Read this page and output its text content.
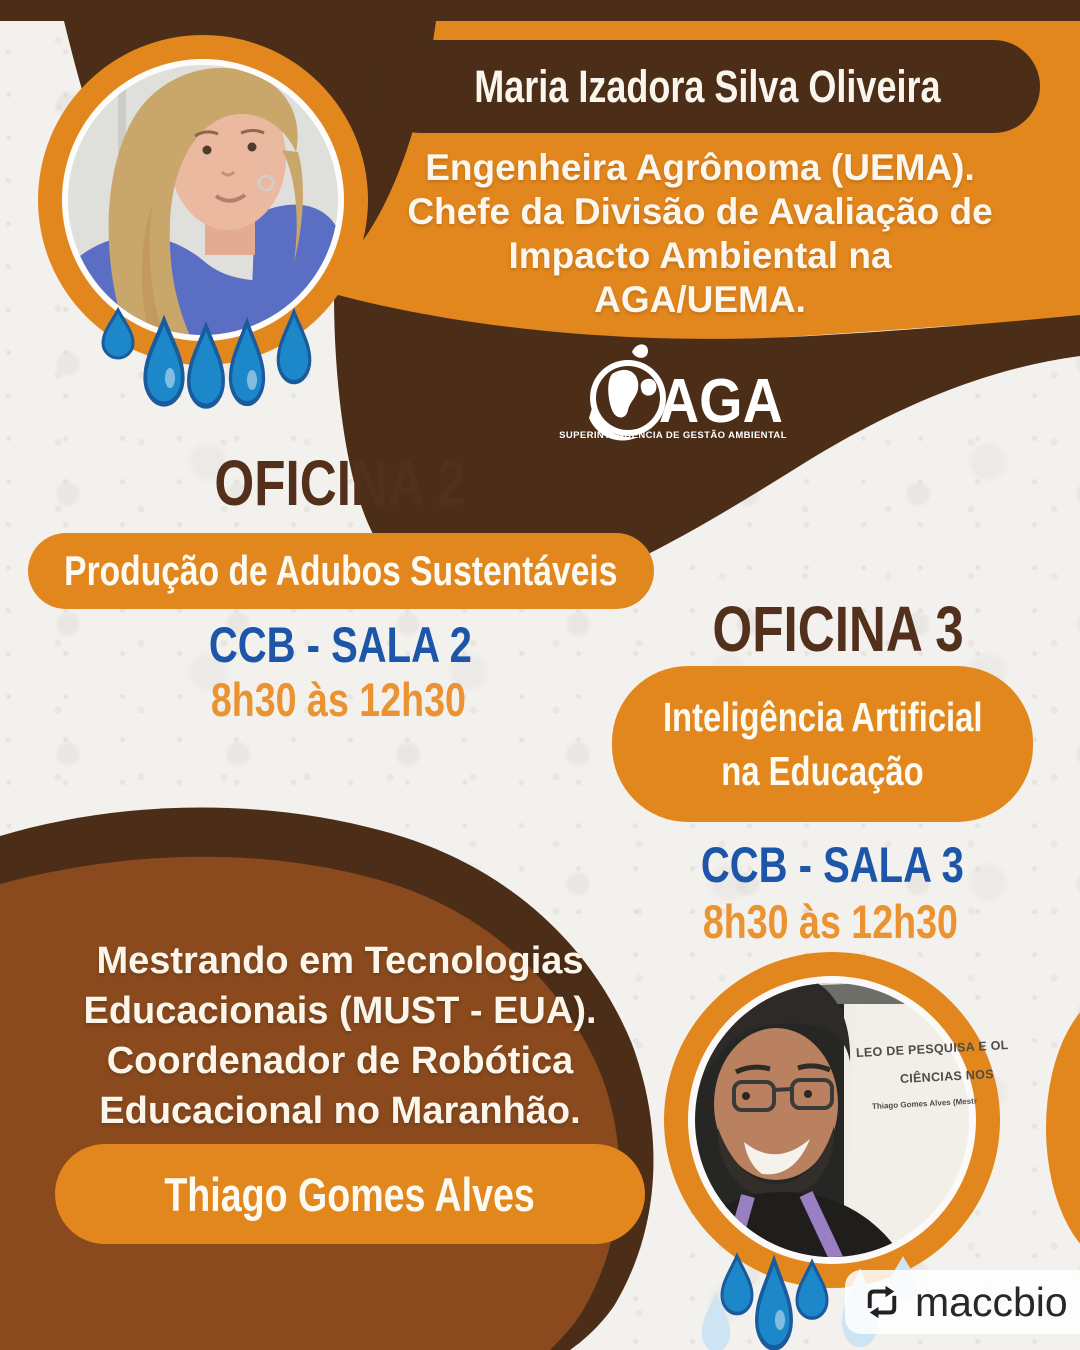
Maria Izadora Silva Oliveira
Engenheira Agrônoma (UEMA).
Chefe da Divisão de Avaliação de
Impacto Ambiental na
AGA/UEMA.
AGA
SUPERINTENDÊNCIA DE GESTÃO AMBIENTAL
OFICINA 2
Produção de Adubos Sustentáveis
CCB - SALA 2
8h30 às 12h30
OFICINA 3
Inteligência Artificial
na Educação
CCB - SALA 3
8h30 às 12h30
Mestrando em Tecnologias
Educacionais (MUST - EUA).
Coordenador de Robótica
Educacional no Maranhão.
Thiago Gomes Alves
LEO DE PESQUISA E OL
CIÊNCIAS NOS
Thiago Gomes Alves (Mestr
maccbio
